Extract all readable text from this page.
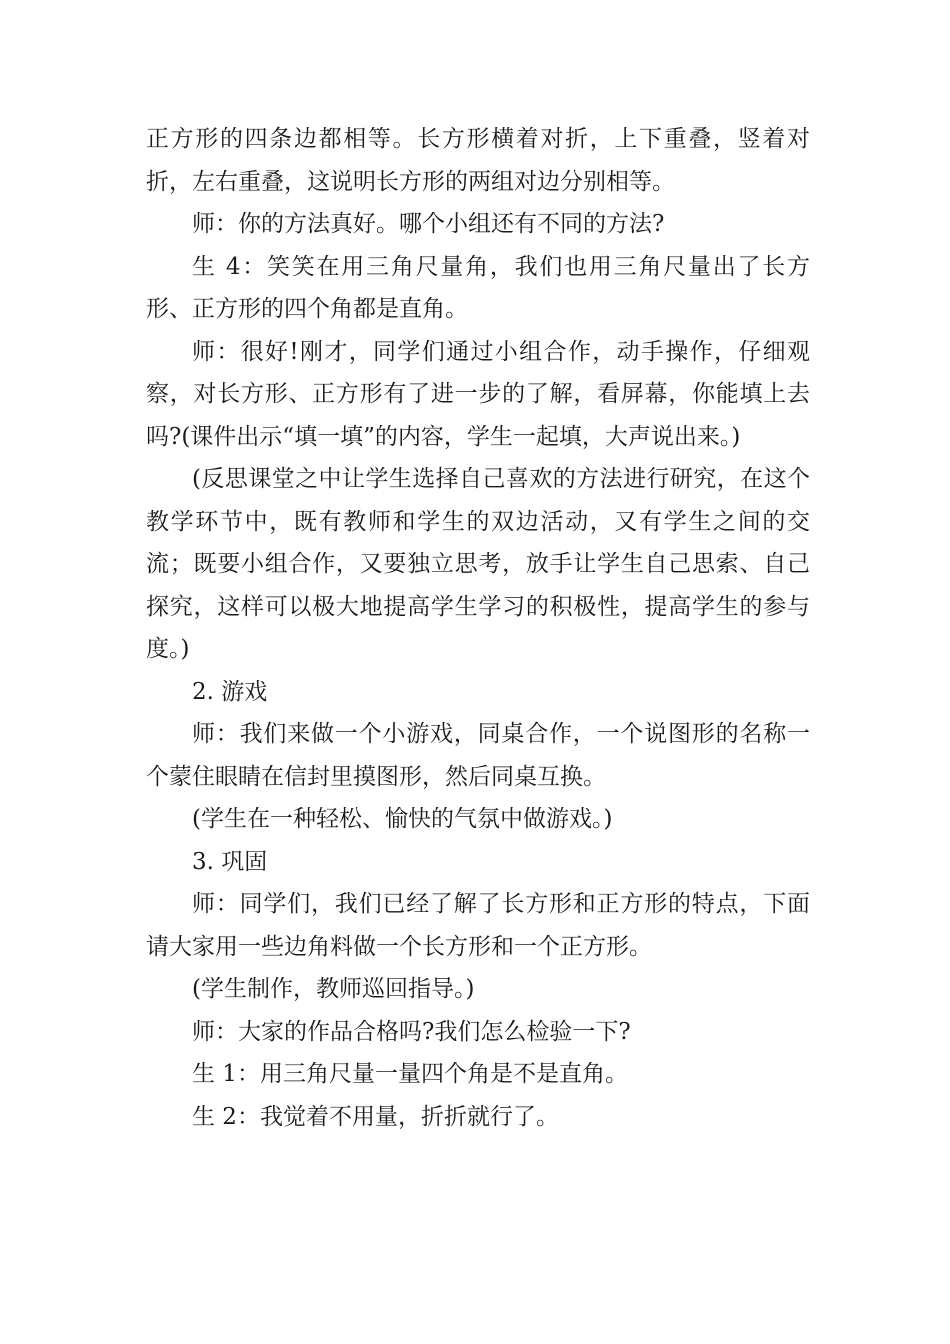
正方形的四条边都相等。长方形横着对折，上下重叠，竖着对折，左右重叠，这说明长方形的两组对边分别相等。

师：你的方法真好。哪个小组还有不同的方法?

生 4：笑笑在用三角尺量角，我们也用三角尺量出了长方形、正方形的四个角都是直角。

师：很好!刚才，同学们通过小组合作，动手操作，仔细观察，对长方形、正方形有了进一步的了解，看屏幕，你能填上去吗?(课件出示“填一填”的内容，学生一起填，大声说出来。)

(反思课堂之中让学生选择自己喜欢的方法进行研究，在这个教学环节中，既有教师和学生的双边活动，又有学生之间的交流；既要小组合作，又要独立思考，放手让学生自己思索、自己探究，这样可以极大地提高学生学习的积极性，提高学生的参与度。)

2. 游戏

师：我们来做一个小游戏，同桌合作，一个说图形的名称一个蒙住眼睛在信封里摸图形，然后同桌互换。

(学生在一种轻松、愉快的气氛中做游戏。)

3. 巩固

师：同学们，我们已经了解了长方形和正方形的特点，下面请大家用一些边角料做一个长方形和一个正方形。

(学生制作，教师巡回指导。)

师：大家的作品合格吗?我们怎么检验一下?

生 1：用三角尺量一量四个角是不是直角。

生 2：我觉着不用量，折折就行了。
